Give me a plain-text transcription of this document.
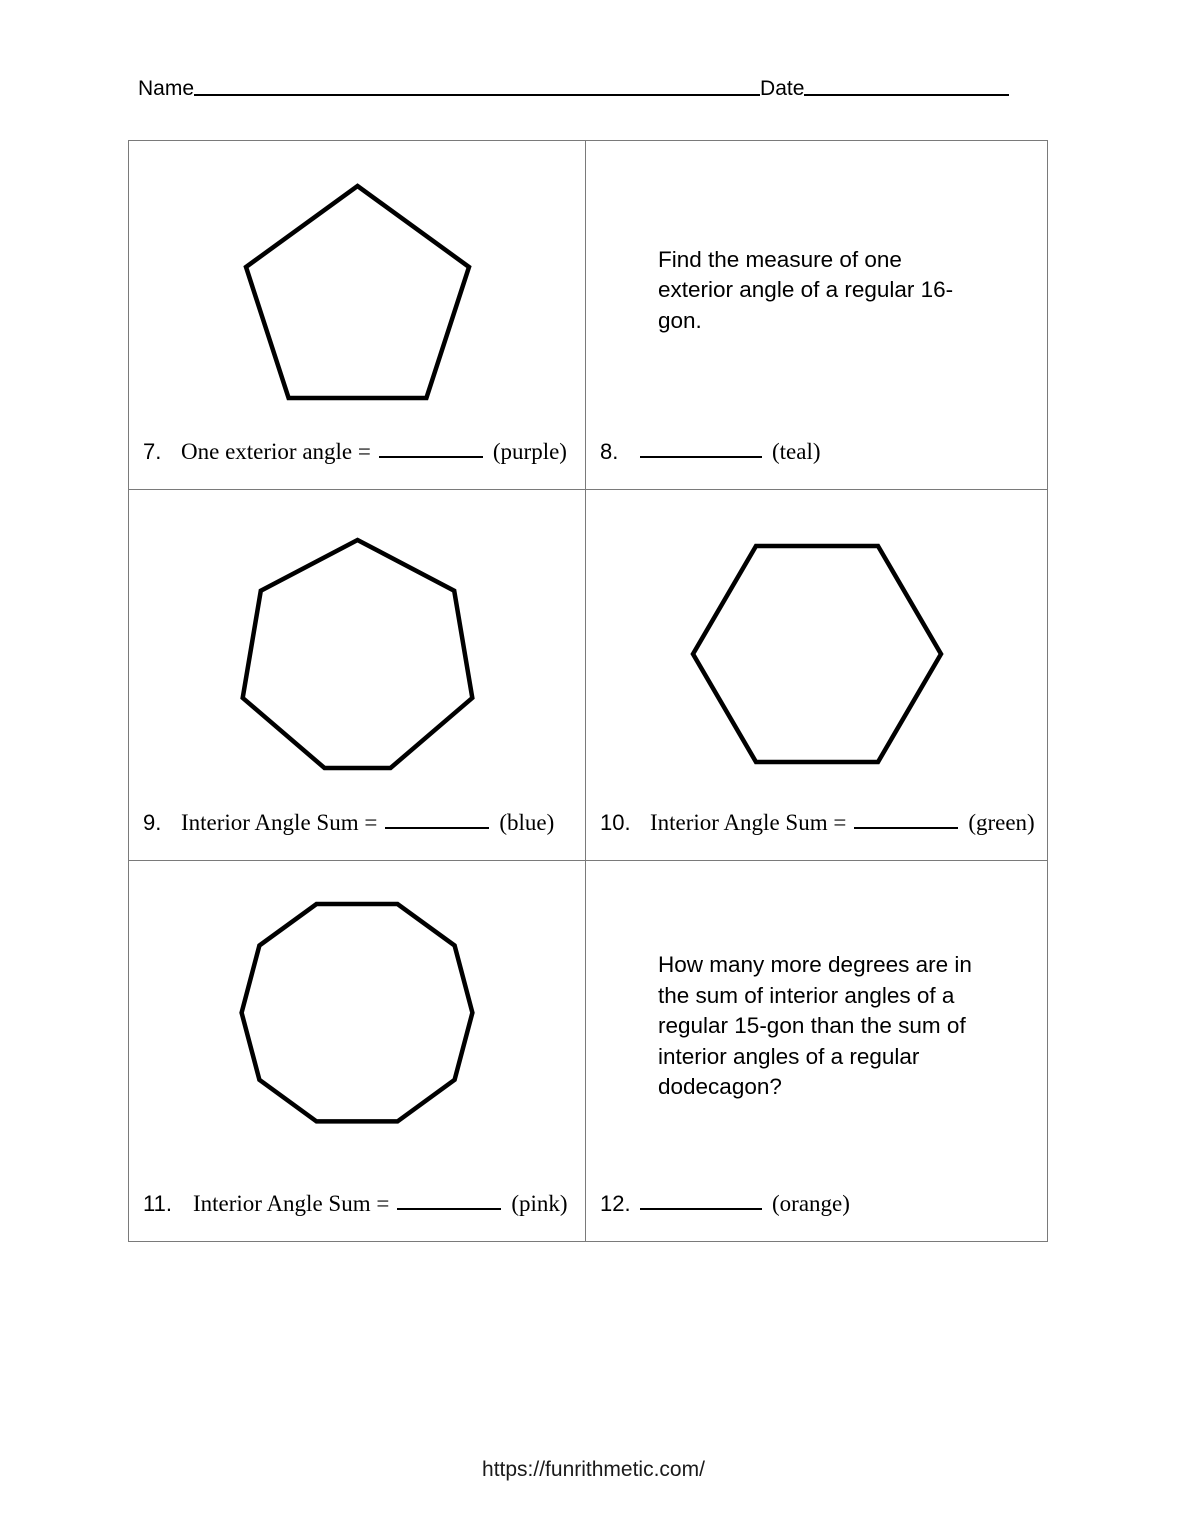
Name	Date
7. One exterior angle =	(purple)
Find the measure of one exterior angle of a regular 16-gon.
8.	(teal)
9. Interior Angle Sum =	(blue) 10. Interior Angle Sum =	(green)
11. Interior Angle Sum =	(pink)
How many more degrees are in the sum of interior angles of a regular 15-gon than the sum of interior angles of a regular dodecagon?
12.	(orange)
https://funrithmetic.com/
